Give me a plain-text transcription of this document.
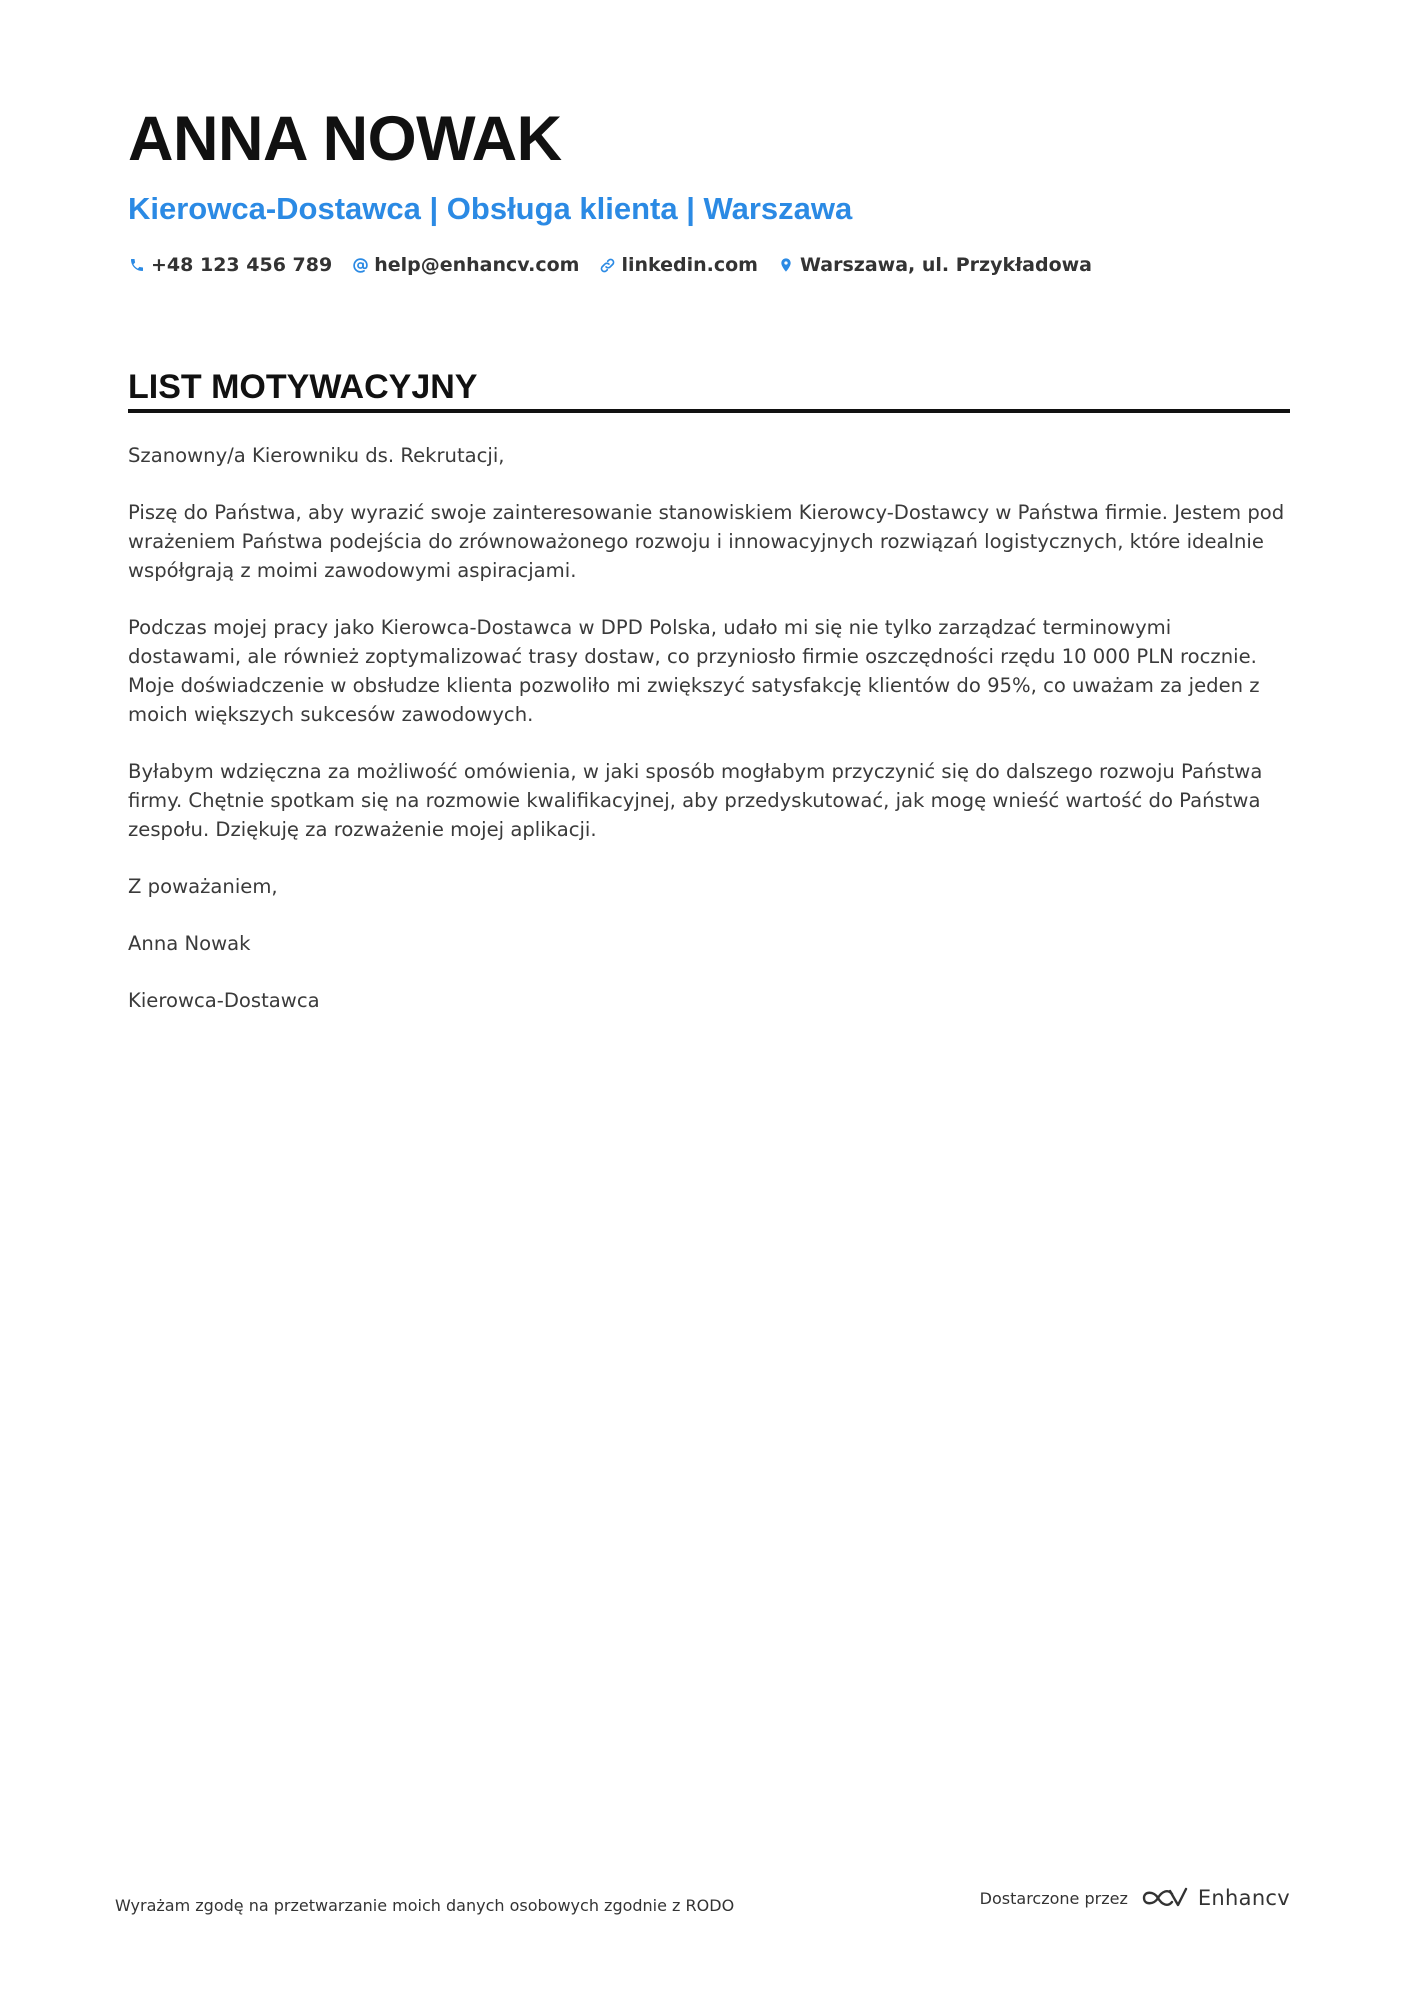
ANNA NOWAK
Kierowca-Dostawca | Obsługa klienta | Warszawa
+48 123 456 789 help@enhancv.com linkedin.com Warszawa, ul. Przykładowa
LIST MOTYWACYJNY

Szanowny/a Kierowniku ds. Rekrutacji,

Piszę do Państwa, aby wyrazić swoje zainteresowanie stanowiskiem Kierowcy-Dostawcy w Państwa firmie. Jestem pod wrażeniem Państwa podejścia do zrównoważonego rozwoju i innowacyjnych rozwiązań logistycznych, które idealnie współgrają z moimi zawodowymi aspiracjami.

Podczas mojej pracy jako Kierowca-Dostawca w DPD Polska, udało mi się nie tylko zarządzać terminowymi dostawami, ale również zoptymalizować trasy dostaw, co przyniosło firmie oszczędności rzędu 10 000 PLN rocznie. Moje doświadczenie w obsłudze klienta pozwoliło mi zwiększyć satysfakcję klientów do 95%, co uważam za jeden z moich większych sukcesów zawodowych.

Byłabym wdzięczna za możliwość omówienia, w jaki sposób mogłabym przyczynić się do dalszego rozwoju Państwa firmy. Chętnie spotkam się na rozmowie kwalifikacyjnej, aby przedyskutować, jak mogę wnieść wartość do Państwa zespołu. Dziękuję za rozważenie mojej aplikacji.

Z poważaniem,

Anna Nowak

Kierowca-Dostawca

Wyrażam zgodę na przetwarzanie moich danych osobowych zgodnie z RODO	Dostarczone przez	Enhancv
